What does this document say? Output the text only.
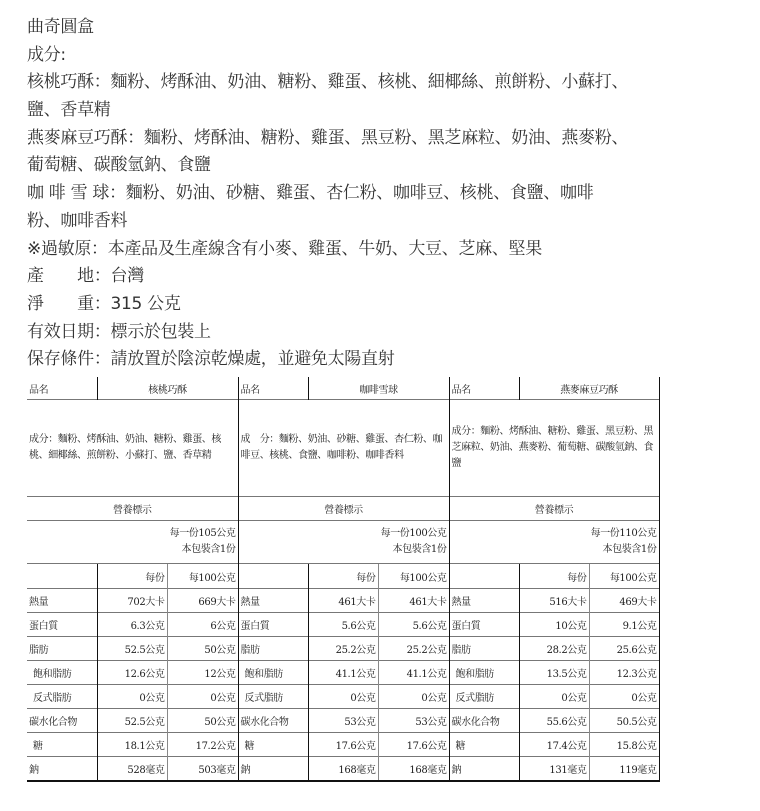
曲奇圓盒
成分:
核桃巧酥：麵粉、烤酥油、奶油、糖粉、雞蛋、核桃、細椰絲、煎餅粉、小蘇打、
鹽、香草精
燕麥麻豆巧酥：麵粉、烤酥油、糖粉、雞蛋、黑豆粉、黑芝麻粒、奶油、燕麥粉、
葡萄糖、碳酸氫鈉、食鹽
咖 啡 雪 球：麵粉、奶油、砂糖、雞蛋、杏仁粉、咖啡豆、核桃、食鹽、咖啡
粉、咖啡香料
※過敏原：本產品及生產線含有小麥、雞蛋、牛奶、大豆、芝麻、堅果
產　　地：台灣
淨　　重：315 公克
有效日期：標示於包裝上
保存條件：請放置於陰涼乾燥處，並避免太陽直射
品名	核桃巧酥		品名	咖啡雪球		品名	燕麥麻豆巧酥	
成分：麵粉、烤酥油、奶油、糖粉、雞蛋、核桃、細椰絲、煎餅粉、小蘇打、鹽、香草精			成　分：麵粉、奶油、砂糖、雞蛋、杏仁粉、咖啡豆、核桃、食鹽、咖啡粉、咖啡香料			成分：麵粉、烤酥油、糖粉、雞蛋、黑豆粉、黑芝麻粒、奶油、燕麥粉、葡萄糖、碳酸氫鈉、食鹽		
營養標示			營養標示			營養標示		

每一份105公克
本包裝含1份

每一份100公克
本包裝含1份

每一份110公克
本包裝含1份

	每份	每100公克		每份	每100公克		每份	每100公克
熱量	702大卡	669大卡	熱量	461大卡	461大卡	熱量	516大卡	469大卡
蛋白質	6.3公克	6公克	蛋白質	5.6公克	5.6公克	蛋白質	10公克	9.1公克
脂肪	52.5公克	50公克	脂肪	25.2公克	25.2公克	脂肪	28.2公克	25.6公克
飽和脂肪	12.6公克	12公克	飽和脂肪	41.1公克	41.1公克	飽和脂肪	13.5公克	12.3公克
反式脂肪	0公克	0公克	反式脂肪	0公克	0公克	反式脂肪	0公克	0公克
碳水化合物	52.5公克	50公克	碳水化合物	53公克	53公克	碳水化合物	55.6公克	50.5公克
糖	18.1公克	17.2公克	糖	17.6公克	17.6公克	糖	17.4公克	15.8公克
鈉	528毫克	503毫克	鈉	168毫克	168毫克	鈉	131毫克	119毫克
